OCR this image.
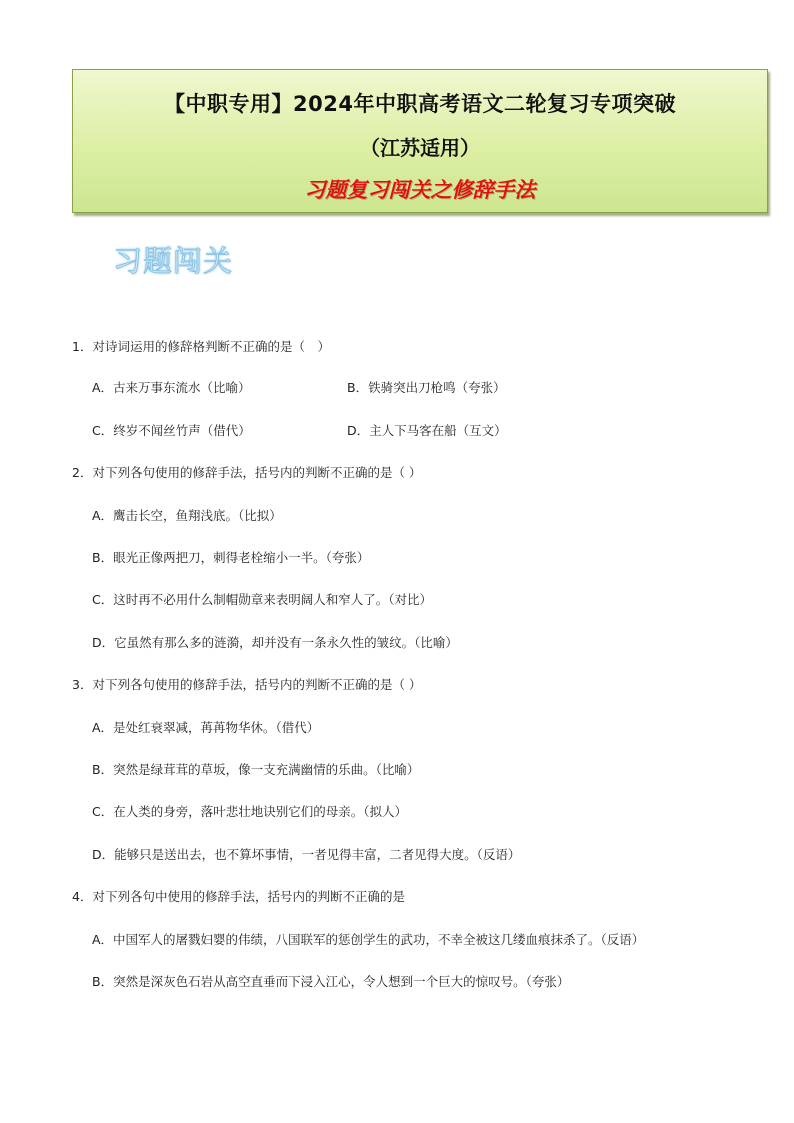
【中职专用】2024年中职高考语文二轮复习专项突破
（江苏适用）
习题复习闯关之修辞手法
习题闯关
1．对诗词运用的修辞格判断不正确的是（　）
A．古来万事东流水（比喻）	B．铁骑突出刀枪鸣（夸张）
C．终岁不闻丝竹声（借代）	D．主人下马客在船（互文）
2．对下列各句使用的修辞手法，括号内的判断不正确的是（ ）
A．鹰击长空，鱼翔浅底。（比拟）
B．眼光正像两把刀，刺得老栓缩小一半。（夸张）
C．这时再不必用什么制帽勋章来表明阔人和窄人了。（对比）
D．它虽然有那么多的涟漪，却并没有一条永久性的皱纹。（比喻）
3．对下列各句使用的修辞手法，括号内的判断不正确的是（ ）
A．是处红衰翠减，苒苒物华休。（借代）
B．突然是绿茸茸的草坂，像一支充满幽情的乐曲。（比喻）
C．在人类的身旁，落叶悲壮地诀别它们的母亲。（拟人）
D．能够只是送出去，也不算坏事情，一者见得丰富，二者见得大度。（反语）
4．对下列各句中使用的修辞手法，括号内的判断不正确的是
A．中国军人的屠戮妇婴的伟绩，八国联军的惩创学生的武功，不幸全被这几缕血痕抹杀了。（反语）
B．突然是深灰色石岩从高空直垂而下浸入江心，令人想到一个巨大的惊叹号。（夸张）
